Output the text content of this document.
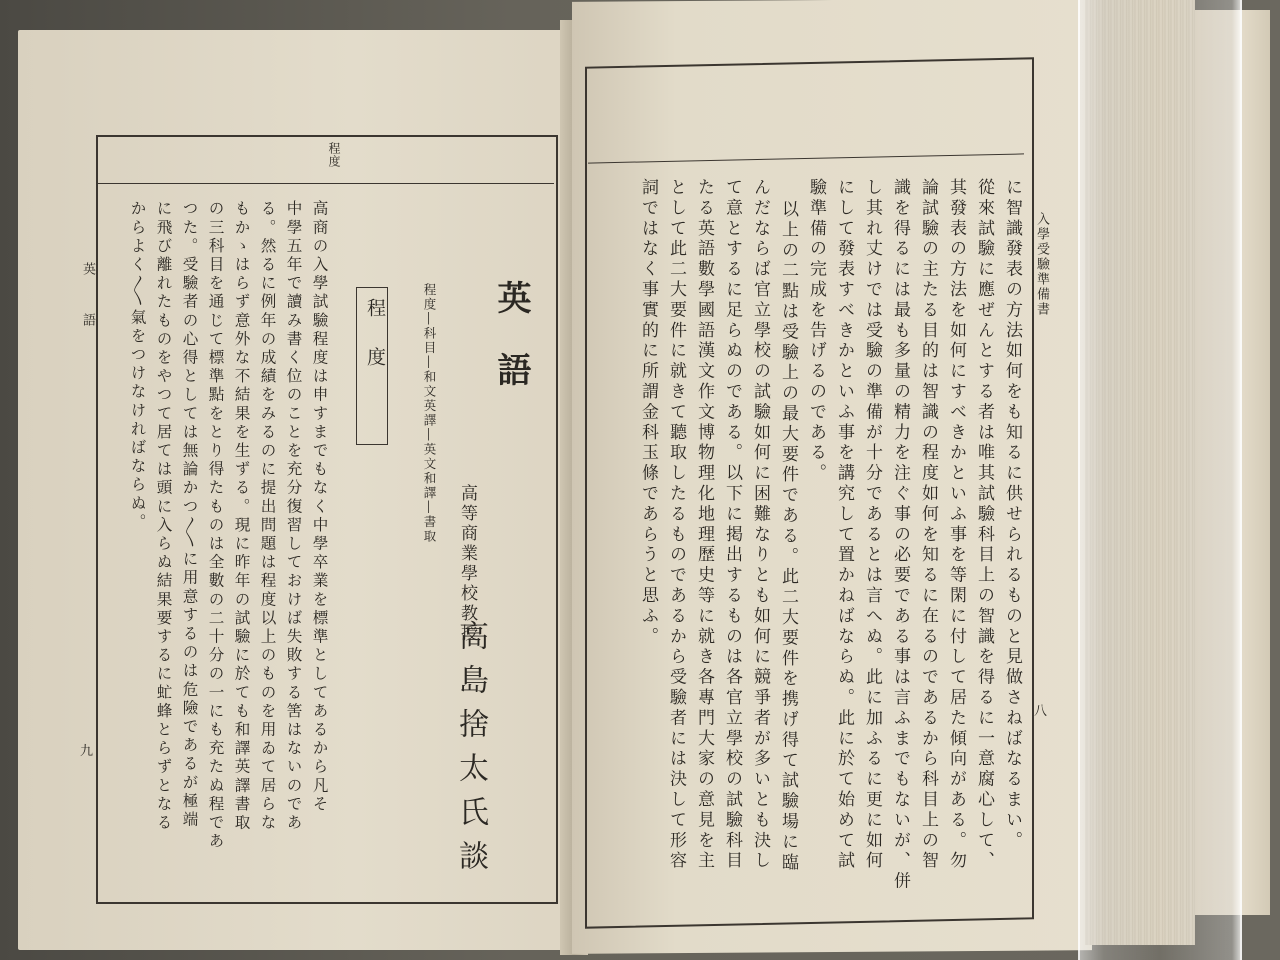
程度
英語
九
英語
程度―科目―和文英譯―英文和譯―書取
高等商業學校教授
高島捨太氏談
程度
高商の入學試驗程度は申すまでもなく中學卒業を標準としてあるから凡そ
中學五年で讀み書く位のことを充分復習しておけば失敗する筈はないのであ
る。然るに例年の成績をみるのに提出問題は程度以上のものを用ゐて居らな
もかゝはらず意外な不結果を生ずる。現に昨年の試驗に於ても和譯英譯書取
の三科目を通じて標準點をとり得たものは全數の二十分の一にも充たぬ程であ
つた。受驗者の心得としては無論かつ〳〵に用意するのは危險であるが極端
に飛び離れたものをやつて居ては頭に入らぬ結果要するに虻蜂とらずとなる
からよく〳〵氣をつけなければならぬ。	入學受驗準備書
八
に智識發表の方法如何をも知るに供せられるものと見做さねばなるまい。
從來試驗に應ぜんとする者は唯其試驗科目上の智識を得るに一意腐心して、
其發表の方法を如何にすべきかといふ事を等閑に付して居た傾向がある。勿
論試驗の主たる目的は智識の程度如何を知るに在るのであるから科目上の智
識を得るには最も多量の精力を注ぐ事の必要である事は言ふまでもないが、併
し其れ丈けでは受驗の準備が十分であるとは言へぬ。此に加ふるに更に如何
にして發表すべきかといふ事を講究して置かねばならぬ。此に於て始めて試
驗準備の完成を告げるのである。
以上の二點は受驗上の最大要件である。此二大要件を携げ得て試驗場に臨
んだならば官立學校の試驗如何に困難なりとも如何に競爭者が多いとも決し
て意とするに足らぬのである。以下に掲出するものは各官立學校の試驗科目
たる英語數學國語漢文作文博物理化地理歷史等に就き各專門大家の意見を主
として此二大要件に就きて聽取したるものであるから受驗者には決して形容
詞ではなく事實的に所謂金科玉條であらうと思ふ。
